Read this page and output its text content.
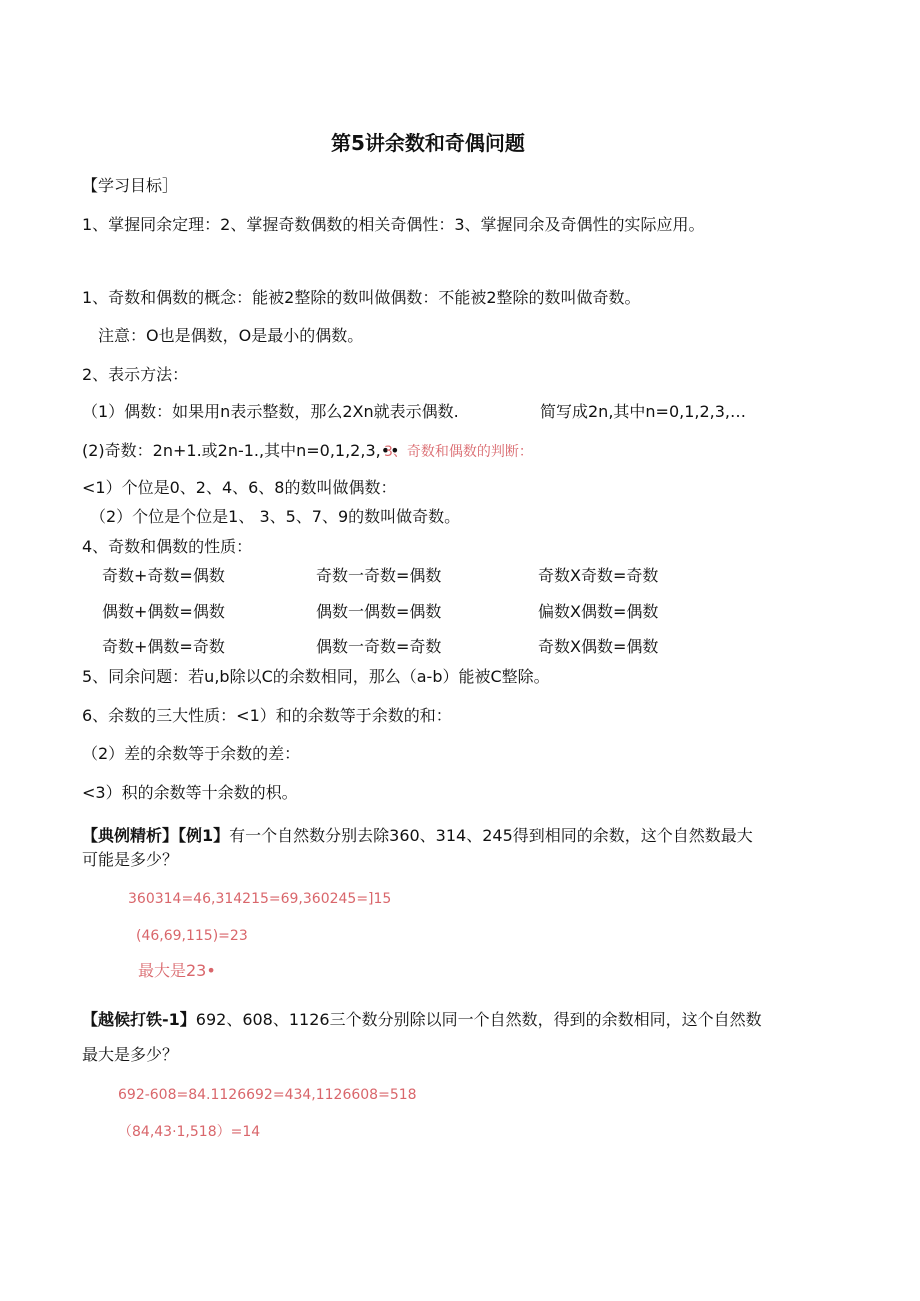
第5讲余数和奇偶问题
【学习目标］
1、掌握同余定理：2、掌握奇数偶数的相关奇偶性：3、掌握同余及奇偶性的实际应用。
1、奇数和偶数的概念：能被2整除的数叫做偶数：不能被2整除的数叫做奇数。
注意：O也是偶数，O是最小的偶数。
2、表示方法：
（1）偶数：如果用n表示整数，那么2Xn就表示偶数.	简写成2n,其中n=0,1,2,3,…
(2)奇数：2n+1.或2n-1.,其中n=0,1,2,3,••
3、奇数和偶数的判断：
<1）个位是0、2、4、6、8的数叫做偶数：
（2）个位是个位是1、 3、5、7、9的数叫做奇数。
4、奇数和偶数的性质：
奇数+奇数=偶数	奇数一奇数=偶数	奇数X奇数=奇数
偶数+偶数=偶数	偶数一偶数=偶数	偏数X偶数=偶数
奇数+偶数=奇数	偶数一奇数=奇数	奇数X偶数=偶数
5、同余问题：若u,b除以C的余数相同，那么（a-b）能被C整除。
6、余数的三大性质：<1）和的余数等于余数的和：
（2）差的余数等于余数的差：
<3）积的余数等十余数的枳。
【典例精析】【例1】有一个自然数分别去除360、314、245得到相同的余数，这个自然数最大
可能是多少？
360314=46,314215=69,360245=]15
(46,69,115)=23
最大是23•
【越候打铁-1】692、608、1126三个数分别除以同一个自然数，得到的余数相同，这个自然数
最大是多少？
692-608=84.1126692=434,1126608=518
（84,43·1,518）=14
